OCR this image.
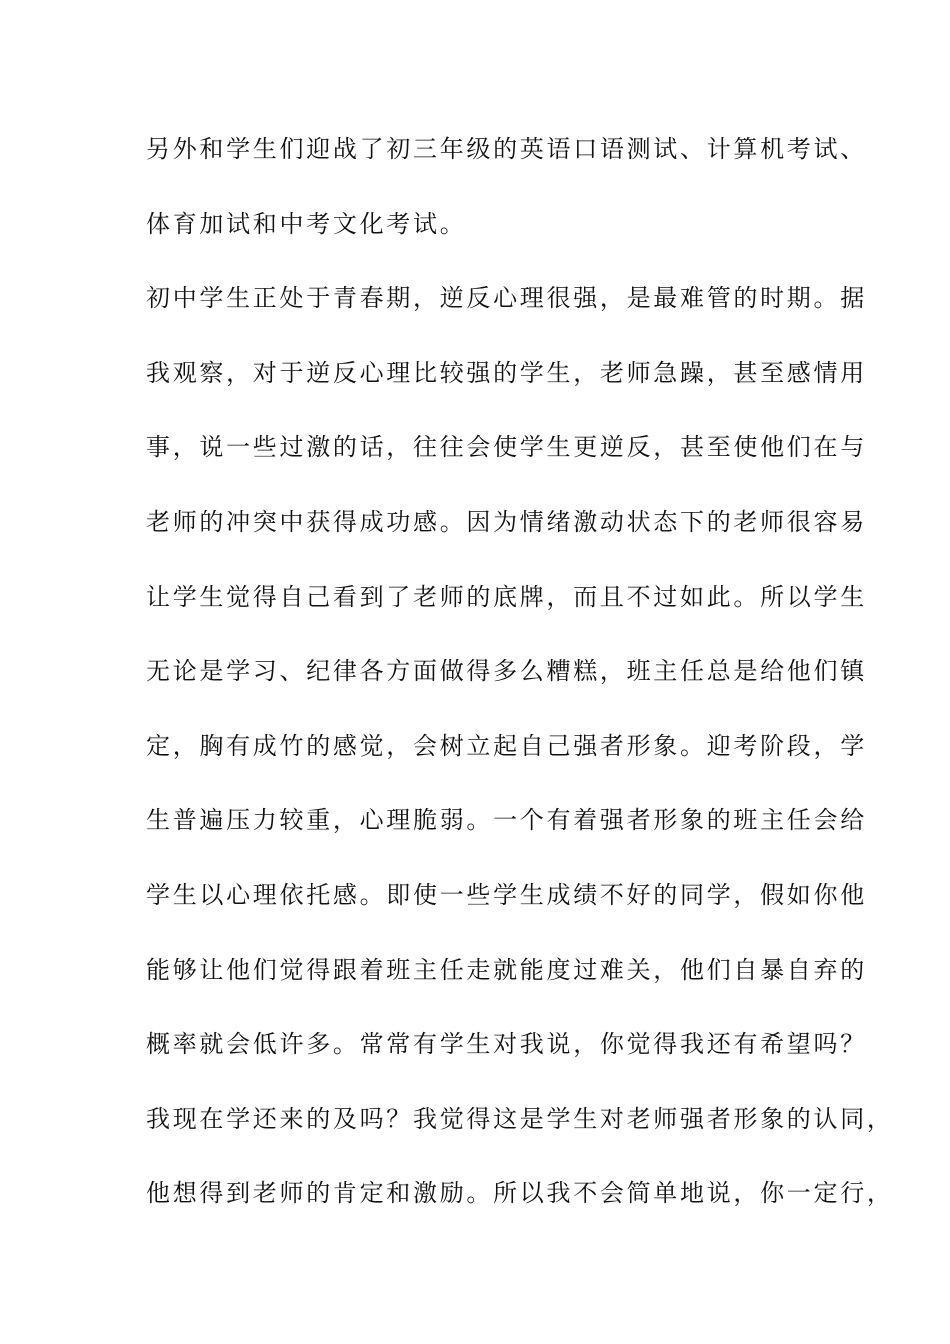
另外和学生们迎战了初三年级的英语口语测试、计算机考试、
体育加试和中考文化考试。
初中学生正处于青春期，逆反心理很强，是最难管的时期。据
我观察，对于逆反心理比较强的学生，老师急躁，甚至感情用
事，说一些过激的话，往往会使学生更逆反，甚至使他们在与
老师的冲突中获得成功感。因为情绪激动状态下的老师很容易
让学生觉得自己看到了老师的底牌，而且不过如此。所以学生
无论是学习、纪律各方面做得多么糟糕，班主任总是给他们镇
定，胸有成竹的感觉，会树立起自己强者形象。迎考阶段，学
生普遍压力较重，心理脆弱。一个有着强者形象的班主任会给
学生以心理依托感。即使一些学生成绩不好的同学，假如你他
能够让他们觉得跟着班主任走就能度过难关，他们自暴自弃的
概率就会低许多。常常有学生对我说，你觉得我还有希望吗？
我现在学还来的及吗？我觉得这是学生对老师强者形象的认同，
他想得到老师的肯定和激励。所以我不会简单地说，你一定行，
